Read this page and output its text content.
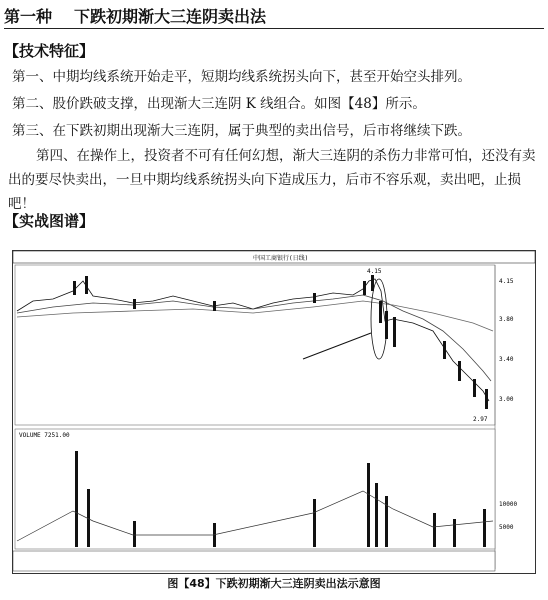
第一种 下跌初期渐大三连阴卖出法
【技术特征】
第一、中期均线系统开始走平，短期均线系统拐头向下，甚至开始空头排列。
第二、股价跌破支撑，出现渐大三连阴 K 线组合。如图【48】所示。
第三、在下跌初期出现渐大三连阴，属于典型的卖出信号，后市将继续下跌。
第四、在操作上，投资者不可有任何幻想，渐大三连阴的杀伤力非常可怕，还没有卖出的要尽快卖出，一旦中期均线系统拐头向下造成压力，后市不容乐观，卖出吧，止损吧！
【实战图谱】
中国工商银行(日线)
4.15
3.80
3.40
3.00
4.15
2.97
VOLUME 7251.00
10000
5000
图【48】下跌初期渐大三连阴卖出法示意图
